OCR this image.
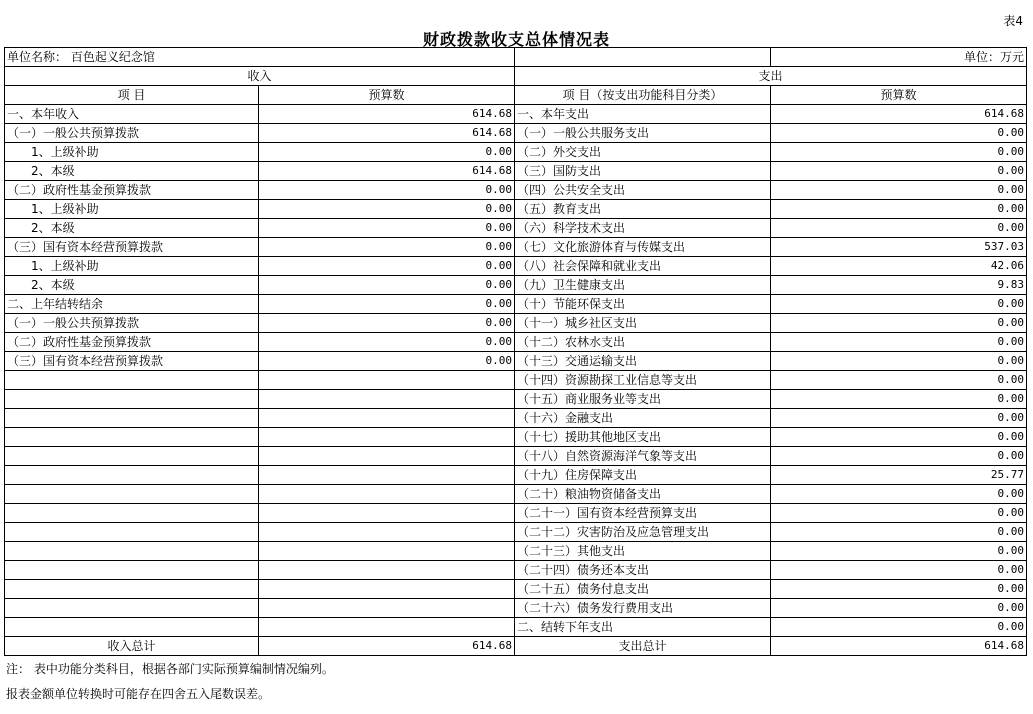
表4
财政拨款收支总体情况表
单位名称： 百色起义纪念馆			单位：万元
收入		支出	
项 目	预算数	项 目（按支出功能科目分类）	预算数
一、本年收入	614.68	一、本年支出	614.68
（一）一般公共预算拨款	614.68	（一）一般公共服务支出	0.00
　　1、上级补助	0.00	（二）外交支出	0.00
　　2、本级	614.68	（三）国防支出	0.00
（二）政府性基金预算拨款	0.00	（四）公共安全支出	0.00
　　1、上级补助	0.00	（五）教育支出	0.00
　　2、本级	0.00	（六）科学技术支出	0.00
（三）国有资本经营预算拨款	0.00	（七）文化旅游体育与传媒支出	537.03
　　1、上级补助	0.00	（八）社会保障和就业支出	42.06
　　2、本级	0.00	（九）卫生健康支出	9.83
二、上年结转结余	0.00	（十）节能环保支出	0.00
（一）一般公共预算拨款	0.00	（十一）城乡社区支出	0.00
（二）政府性基金预算拨款	0.00	（十二）农林水支出	0.00
（三）国有资本经营预算拨款	0.00	（十三）交通运输支出	0.00
		（十四）资源勘探工业信息等支出	0.00
		（十五）商业服务业等支出	0.00
		（十六）金融支出	0.00
		（十七）援助其他地区支出	0.00
		（十八）自然资源海洋气象等支出	0.00
		（十九）住房保障支出	25.77
		（二十）粮油物资储备支出	0.00
		（二十一）国有资本经营预算支出	0.00
		（二十二）灾害防治及应急管理支出	0.00
		（二十三）其他支出	0.00
		（二十四）债务还本支出	0.00
		（二十五）债务付息支出	0.00
		（二十六）债务发行费用支出	0.00
		二、结转下年支出	0.00
收入总计	614.68	支出总计	614.68
注： 表中功能分类科目，根据各部门实际预算编制情况编列。
报表金额单位转换时可能存在四舍五入尾数误差。
